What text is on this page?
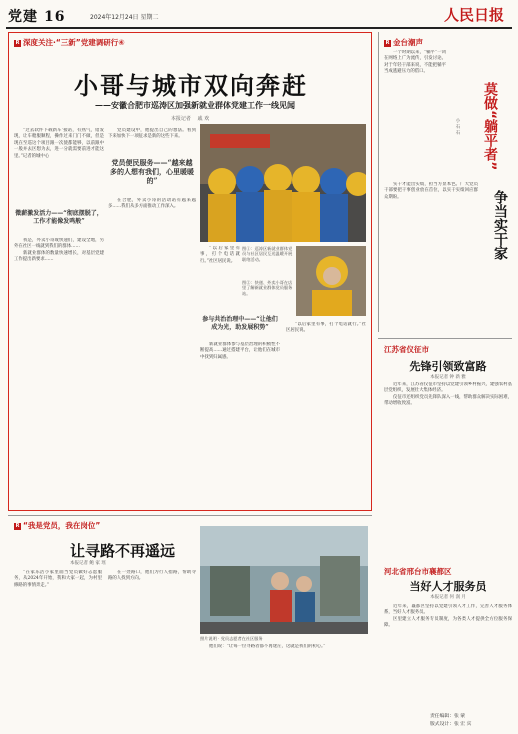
党建 16	2024年12月24日 星期二	人民日报
R 深度关注·“三新”党建调研行④
小哥与城市双向奔赶
——安徽合肥市巡涛区加强新就业群体党建工作一线见闻
本报记者　 戚 欢

“过去软件下载新车‘接站，有熟气，错发现，让车舱服顺程，操作过来门门不做，但是现在至巡这个项目跟一次使都能够，以前跟中一般并去区想为去，进一分就需要前进才能这里。”记者的城中心

微薪激发活力——“彻底摆脱了，工作才能像发鸣般”

我是，外卖小哥或快递们，建设全地，另外在社区一线就到我们的群体……

新就业群体的数量快速增长，对基层党建工作提出新要求……

党员建设中，他提出自己的想法。看到下来加快下一项征求是新的这些下来。

党员便民服务——“越来越多的人想有我们，心里暖暖的”

在合肥，外卖小哥的活动站有越来越多……我们从多方面推动工作深入。

图①：巡涛区新就业群体党员与社区居民互送温暖开展联络活动。
图②：快递、外卖小哥在店里了解新就业群体党员服务站。

“以后家里有事，打个电话就行。”社区居民说。

参与共治治理中——“让他们成为光，助发展积势”

新就业群体参与基层治理的积极性不断提高……通过搭建平台，让他们在城市中找到归属感。

“以后家里有事，打个电话就行。”社区居民说。

R 金台潮声

一个时期以来，“躺平”一词在网络上广为流传，引发讨论。对于年轻干部来说，不能把躺平当成逃避压力的借口。

莫做“躺平者”
小 石 石
争当实干家

实干才能出实绩，担当方显本色。广大党员干部要把干事创业放在首位，以实干实绩回应群众期盼。

江苏省仪征市
先锋引领致富路
本报记者 钟 新 雅

近年来，江苏省仪征市坚持以党建引领乡村振兴，建强农村基层党组织，发展壮大集体经济。

仪征市还组织党员先锋队深入一线，帮助群众解决实际困难，带动增收致富。

河北省邢台市襄都区
当好人才服务员
本报记者 何 润 月

近年来，襄都区坚持以党建引领人才工作，完善人才服务体系，当好人才服务员。

区里建立人才服务专员制度，为各类人才提供全方位服务保障。

R “我是党员，我在岗位”
让寻路不再遥远
本报记者 鲍 家 瑶
照片说明 · 党员志愿者在社区服务

“在家乐活小家里面当党员做好志愿服务，从2024年开始，我和大家一起，为村里修路的事情奔走。”

在一处路口，他们为行人指路，帮助寻路的人找到方向。

他们说：“让每一位寻路者都不再迷茫，这就是我们的初心。”

责任编辑：张 蒙
版式设计：张 宏 宾
